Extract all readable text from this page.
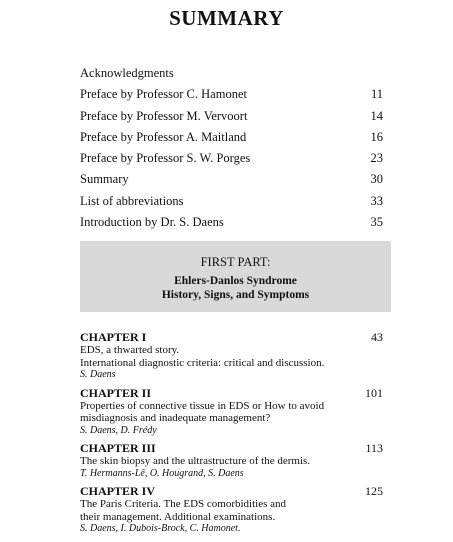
SUMMARY
Acknowledgments
Preface by Professor C. Hamonet	11
Preface by Professor M. Vervoort	14
Preface by Professor A. Maitland	16
Preface by Professor S. W. Porges	23
Summary	30
List of abbreviations	33
Introduction by Dr. S. Daens	35
FIRST PART:
Ehlers-Danlos Syndrome
History, Signs, and Symptoms
CHAPTER I	43
EDS, a thwarted story.
International diagnostic criteria: critical and discussion.
S. Daens
CHAPTER II	101
Properties of connective tissue in EDS or How to avoid
misdiagnosis and inadequate management?
S. Daens, D. Frédy
CHAPTER III	113
The skin biopsy and the ultrastructure of the dermis.
T. Hermanns-Lê, O. Hougrand, S. Daens
CHAPTER IV	125
The Paris Criteria. The EDS comorbidities and
their management. Additional examinations.
S. Daens, I. Dubois-Brock, C. Hamonet.
